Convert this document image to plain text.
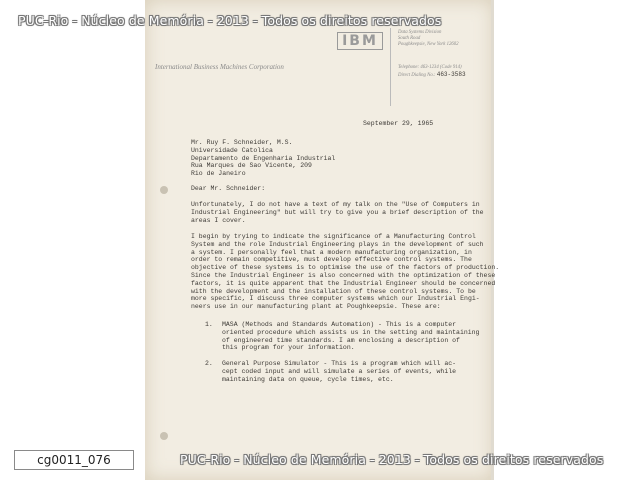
PUC-Rio - Núcleo de Memória - 2013 - Todos os direitos reservados
IBM
International Business Machines Corporation
Data Systems Division
South Road
Poughkeepsie, New York 12602
Telephone: 463-1234 (Code 914)
Direct Dialing No.: 463-3583
September 29, 1965
Mr. Ruy F. Schneider, M.S.
Universidade Catolica
Departamento de Engenharia Industrial
Rua Marques de Sao Vicente, 209
Rio de Janeiro
Dear Mr. Schneider:
Unfortunately, I do not have a text of my talk on the "Use of Computers in
Industrial Engineering" but will try to give you a brief description of the
areas I cover.
I begin by trying to indicate the significance of a Manufacturing Control
System and the role Industrial Engineering plays in the development of such
a system. I personally feel that a modern manufacturing organization, in
order to remain competitive, must develop effective control systems. The
objective of these systems is to optimise the use of the factors of production.
Since the Industrial Engineer is also concerned with the optimization of these
factors, it is quite apparent that the Industrial Engineer should be concerned
with the development and the installation of these control systems. To be
more specific, I discuss three computer systems which our Industrial Engi-
neers use in our manufacturing plant at Poughkeepsie. These are:
1. MASA (Methods and Standards Automation) - This is a computer
oriented procedure which assists us in the setting and maintaining
of engineered time standards. I am enclosing a description of
this program for your information.
2. General Purpose Simulator - This is a program which will ac-
cept coded input and will simulate a series of events, while
maintaining data on queue, cycle times, etc.
cg0011_076	PUC-Rio - Núcleo de Memória - 2013 - Todos os direitos reservados
